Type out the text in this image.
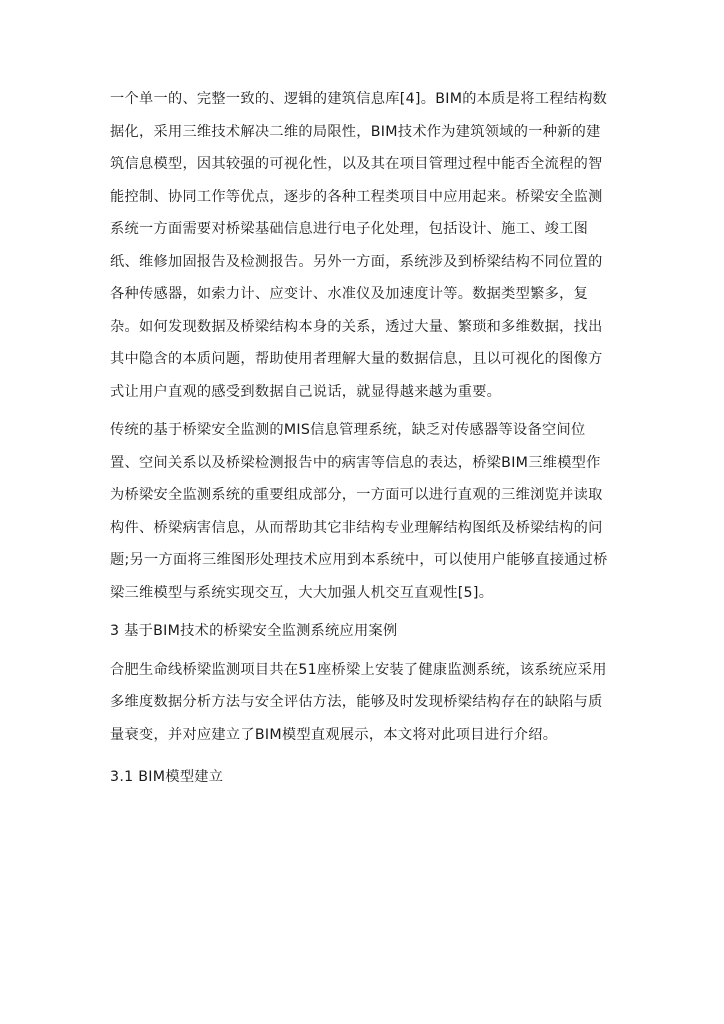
一个单一的、完整一致的、逻辑的建筑信息库[4]。BIM的本质是将工程结构数
据化，采用三维技术解决二维的局限性，BIM技术作为建筑领域的一种新的建
筑信息模型，因其较强的可视化性，以及其在项目管理过程中能否全流程的智
能控制、协同工作等优点，逐步的各种工程类项目中应用起来。桥梁安全监测
系统一方面需要对桥梁基础信息进行电子化处理，包括设计、施工、竣工图
纸、维修加固报告及检测报告。另外一方面，系统涉及到桥梁结构不同位置的
各种传感器，如索力计、应变计、水准仪及加速度计等。数据类型繁多，复
杂。如何发现数据及桥梁结构本身的关系，透过大量、繁琐和多维数据，找出
其中隐含的本质问题，帮助使用者理解大量的数据信息，且以可视化的图像方
式让用户直观的感受到数据自己说话，就显得越来越为重要。
传统的基于桥梁安全监测的MIS信息管理系统，缺乏对传感器等设备空间位
置、空间关系以及桥梁检测报告中的病害等信息的表达，桥梁BIM三维模型作
为桥梁安全监测系统的重要组成部分，一方面可以进行直观的三维浏览并读取
构件、桥梁病害信息，从而帮助其它非结构专业理解结构图纸及桥梁结构的问
题;另一方面将三维图形处理技术应用到本系统中，可以使用户能够直接通过桥
梁三维模型与系统实现交互，大大加强人机交互直观性[5]。
3 基于BIM技术的桥梁安全监测系统应用案例
合肥生命线桥梁监测项目共在51座桥梁上安装了健康监测系统，该系统应采用
多维度数据分析方法与安全评估方法，能够及时发现桥梁结构存在的缺陷与质
量衰变，并对应建立了BIM模型直观展示，本文将对此项目进行介绍。
3.1 BIM模型建立
